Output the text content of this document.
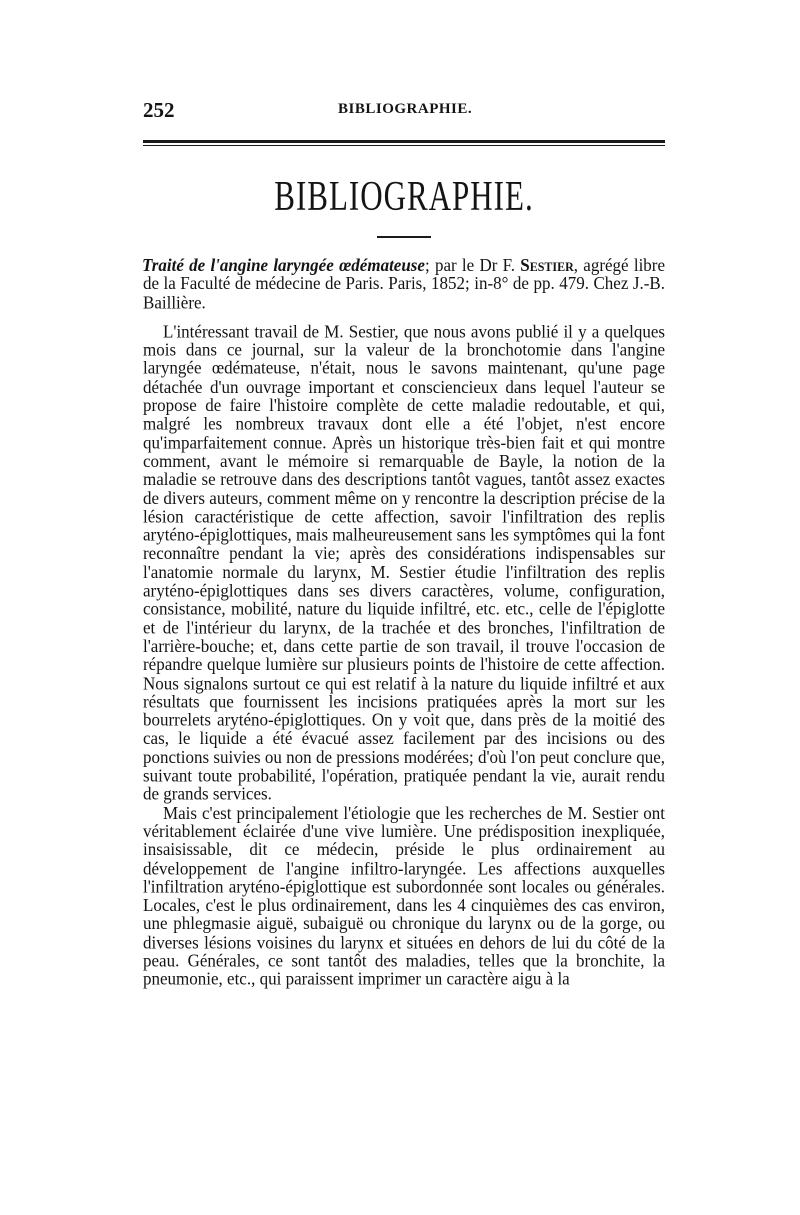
252	BIBLIOGRAPHIE.
BIBLIOGRAPHIE.

Traité de l'angine laryngée œdémateuse; par le Dr F. Sestier, agrégé libre de la Faculté de médecine de Paris. Paris, 1852; in-8° de pp. 479. Chez J.-B. Baillière.

L'intéressant travail de M. Sestier, que nous avons publié il y a quelques mois dans ce journal, sur la valeur de la bronchotomie dans l'angine laryngée œdémateuse, n'était, nous le savons maintenant, qu'une page détachée d'un ouvrage important et consciencieux dans lequel l'auteur se propose de faire l'histoire complète de cette maladie redoutable, et qui, malgré les nombreux travaux dont elle a été l'objet, n'est encore qu'imparfaitement connue. Après un historique très-bien fait et qui montre comment, avant le mémoire si remarquable de Bayle, la notion de la maladie se retrouve dans des descriptions tantôt vagues, tantôt assez exactes de divers auteurs, comment même on y rencontre la description précise de la lésion caractéristique de cette affection, savoir l'infiltration des replis aryténo-épiglottiques, mais malheureusement sans les symptômes qui la font reconnaître pendant la vie; après des considérations indispensables sur l'anatomie normale du larynx, M. Sestier étudie l'infiltration des replis aryténo-épiglottiques dans ses divers caractères, volume, configuration, consistance, mobilité, nature du liquide infiltré, etc. etc., celle de l'épiglotte et de l'intérieur du larynx, de la trachée et des bronches, l'infiltration de l'arrière-bouche; et, dans cette partie de son travail, il trouve l'occasion de répandre quelque lumière sur plusieurs points de l'histoire de cette affection. Nous signalons surtout ce qui est relatif à la nature du liquide infiltré et aux résultats que fournissent les incisions pratiquées après la mort sur les bourrelets aryténo-épiglottiques. On y voit que, dans près de la moitié des cas, le liquide a été évacué assez facilement par des incisions ou des ponctions suivies ou non de pressions modérées; d'où l'on peut conclure que, suivant toute probabilité, l'opération, pratiquée pendant la vie, aurait rendu de grands services.

Mais c'est principalement l'étiologie que les recherches de M. Sestier ont véritablement éclairée d'une vive lumière. Une prédisposition inexpliquée, insaisissable, dit ce médecin, préside le plus ordinairement au développement de l'angine infiltro-laryngée. Les affections auxquelles l'infiltration aryténo-épiglottique est subordonnée sont locales ou générales. Locales, c'est le plus ordinairement, dans les 4 cinquièmes des cas environ, une phlegmasie aiguë, subaiguë ou chronique du larynx ou de la gorge, ou diverses lésions voisines du larynx et situées en dehors de lui du côté de la peau. Générales, ce sont tantôt des maladies, telles que la bronchite, la pneumonie, etc., qui paraissent imprimer un caractère aigu à la
